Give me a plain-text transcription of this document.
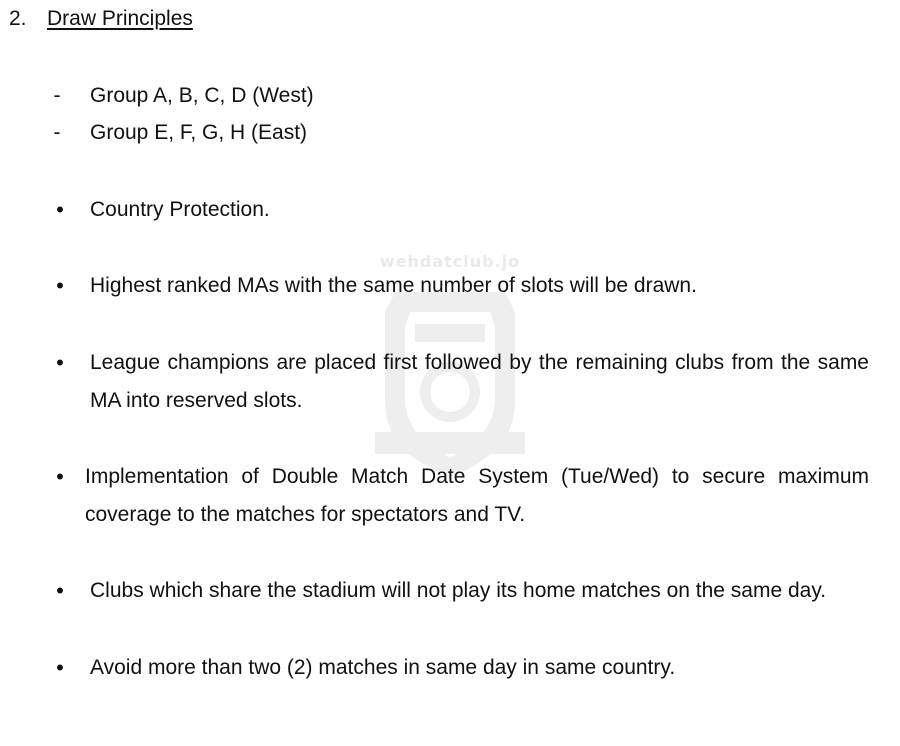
wehdatclub.jo
2. Draw Principles
-	Group A, B, C, D (West)
-	Group E, F, G, H (East)
• Country Protection.
• Highest ranked MAs with the same number of slots will be drawn.
• League champions are placed first followed by the remaining clubs from the same MA into reserved slots.
• Implementation of Double Match Date System (Tue/Wed) to secure maximum coverage to the matches for spectators and TV.
• Clubs which share the stadium will not play its home matches on the same day.
• Avoid more than two (2) matches in same day in same country.
